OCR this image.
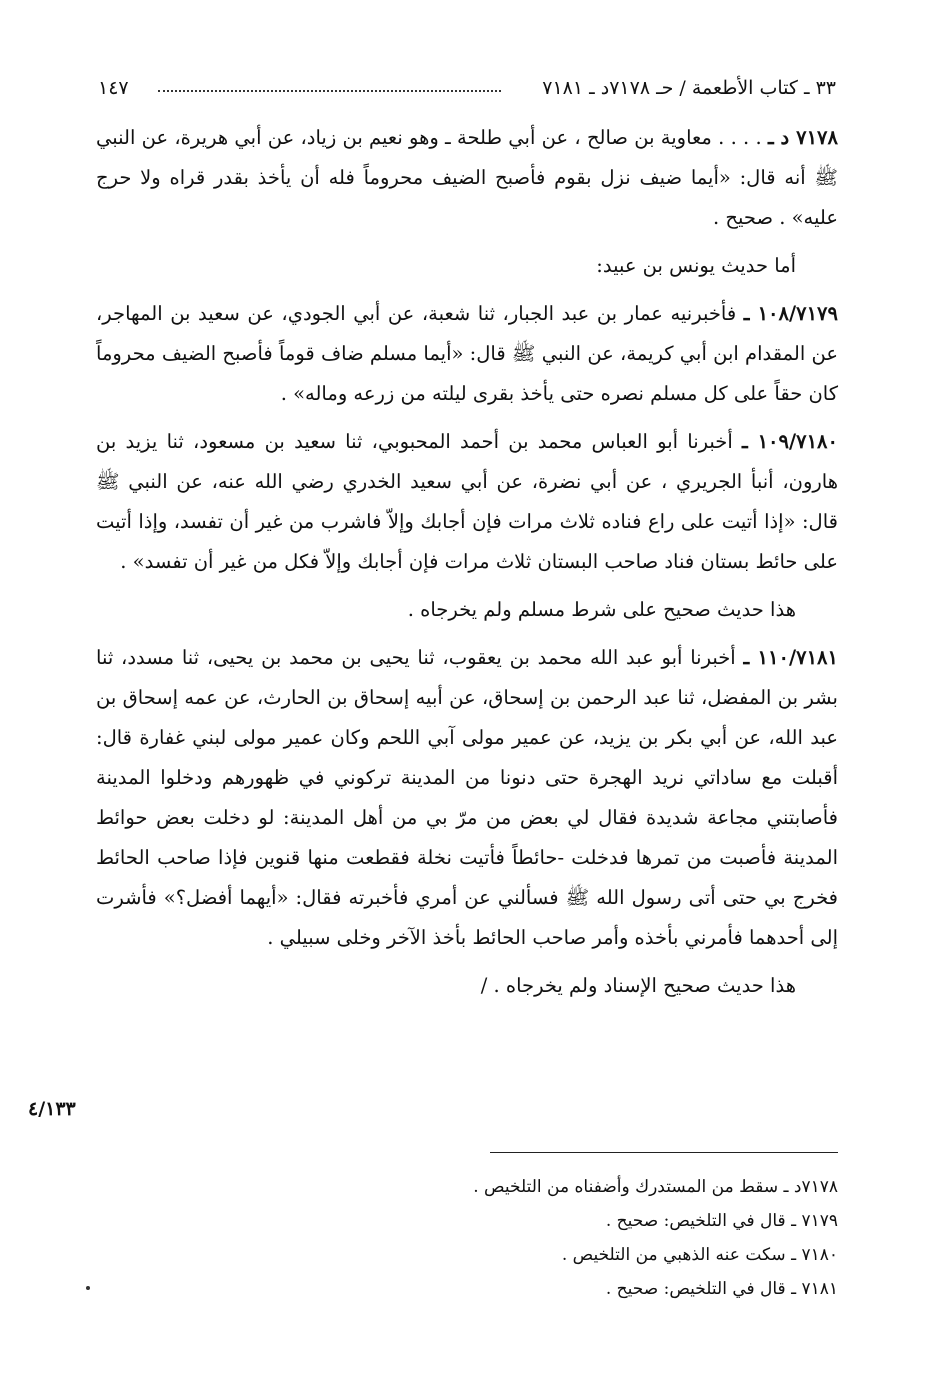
٣٣ ـ كتاب الأطعمة / حـ ٧١٧٨د ـ ٧١٨١
١٤٧

٧١٧٨ د ـ . . . . معاوية بن صالح ، عن أبي طلحة ـ وهو نعيم بن زياد، عن أبي هريرة، عن النبي ﷺ أنه قال: «أيما ضيف نزل بقوم فأصبح الضيف محروماً فله أن يأخذ بقدر قراه ولا حرج عليه» . صحيح .

أما حديث يونس بن عبيد:

١٠٨/٧١٧٩ ـ فأخبرنيه عمار بن عبد الجبار، ثنا شعبة، عن أبي الجودي، عن سعيد بن المهاجر، عن المقدام ابن أبي كريمة، عن النبي ﷺ قال: «أيما مسلم ضاف قوماً فأصبح الضيف محروماً كان حقاً على كل مسلم نصره حتى يأخذ بقرى ليلته من زرعه وماله» .

١٠٩/٧١٨٠ ـ أخبرنا أبو العباس محمد بن أحمد المحبوبي، ثنا سعيد بن مسعود، ثنا يزيد بن هارون، أنبأ الجريري ، عن أبي نضرة، عن أبي سعيد الخدري رضي الله عنه، عن النبي ﷺ قال: «إذا أتيت على راع فناده ثلاث مرات فإن أجابك وإلاّ فاشرب من غير أن تفسد، وإذا أتيت على حائط بستان فناد صاحب البستان ثلاث مرات فإن أجابك وإلاّ فكل من غير أن تفسد» .

هذا حديث صحيح على شرط مسلم ولم يخرجاه .

١١٠/٧١٨١ ـ أخبرنا أبو عبد الله محمد بن يعقوب، ثنا يحيى بن محمد بن يحيى، ثنا مسدد، ثنا بشر بن المفضل، ثنا عبد الرحمن بن إسحاق، عن أبيه إسحاق بن الحارث، عن عمه إسحاق بن عبد الله، عن أبي بكر بن يزيد، عن عمير مولى آبي اللحم وكان عمير مولى لبني غفارة قال: أقبلت مع ساداتي نريد الهجرة حتى دنونا من المدينة تركوني في ظهورهم ودخلوا المدينة فأصابتني مجاعة شديدة فقال لي بعض من مرّ بي من أهل المدينة: لو دخلت بعض حوائط المدينة فأصبت من تمرها فدخلت -حائطاً فأتيت نخلة فقطعت منها قنوين فإذا صاحب الحائط فخرج بي حتى أتى رسول الله ﷺ فسألني عن أمري فأخبرته فقال: «أيهما أفضل؟» فأشرت إلى أحدهما فأمرني بأخذه وأمر صاحب الحائط بأخذ الآخر وخلى سبيلي .

هذا حديث صحيح الإسناد ولم يخرجاه . /

٤/١٣٣
٧١٧٨د ـ سقط من المستدرك وأضفناه من التلخيص .
٧١٧٩ ـ قال في التلخيص: صحيح .
٧١٨٠ ـ سكت عنه الذهبي من التلخيص .
٧١٨١ ـ قال في التلخيص: صحيح .
